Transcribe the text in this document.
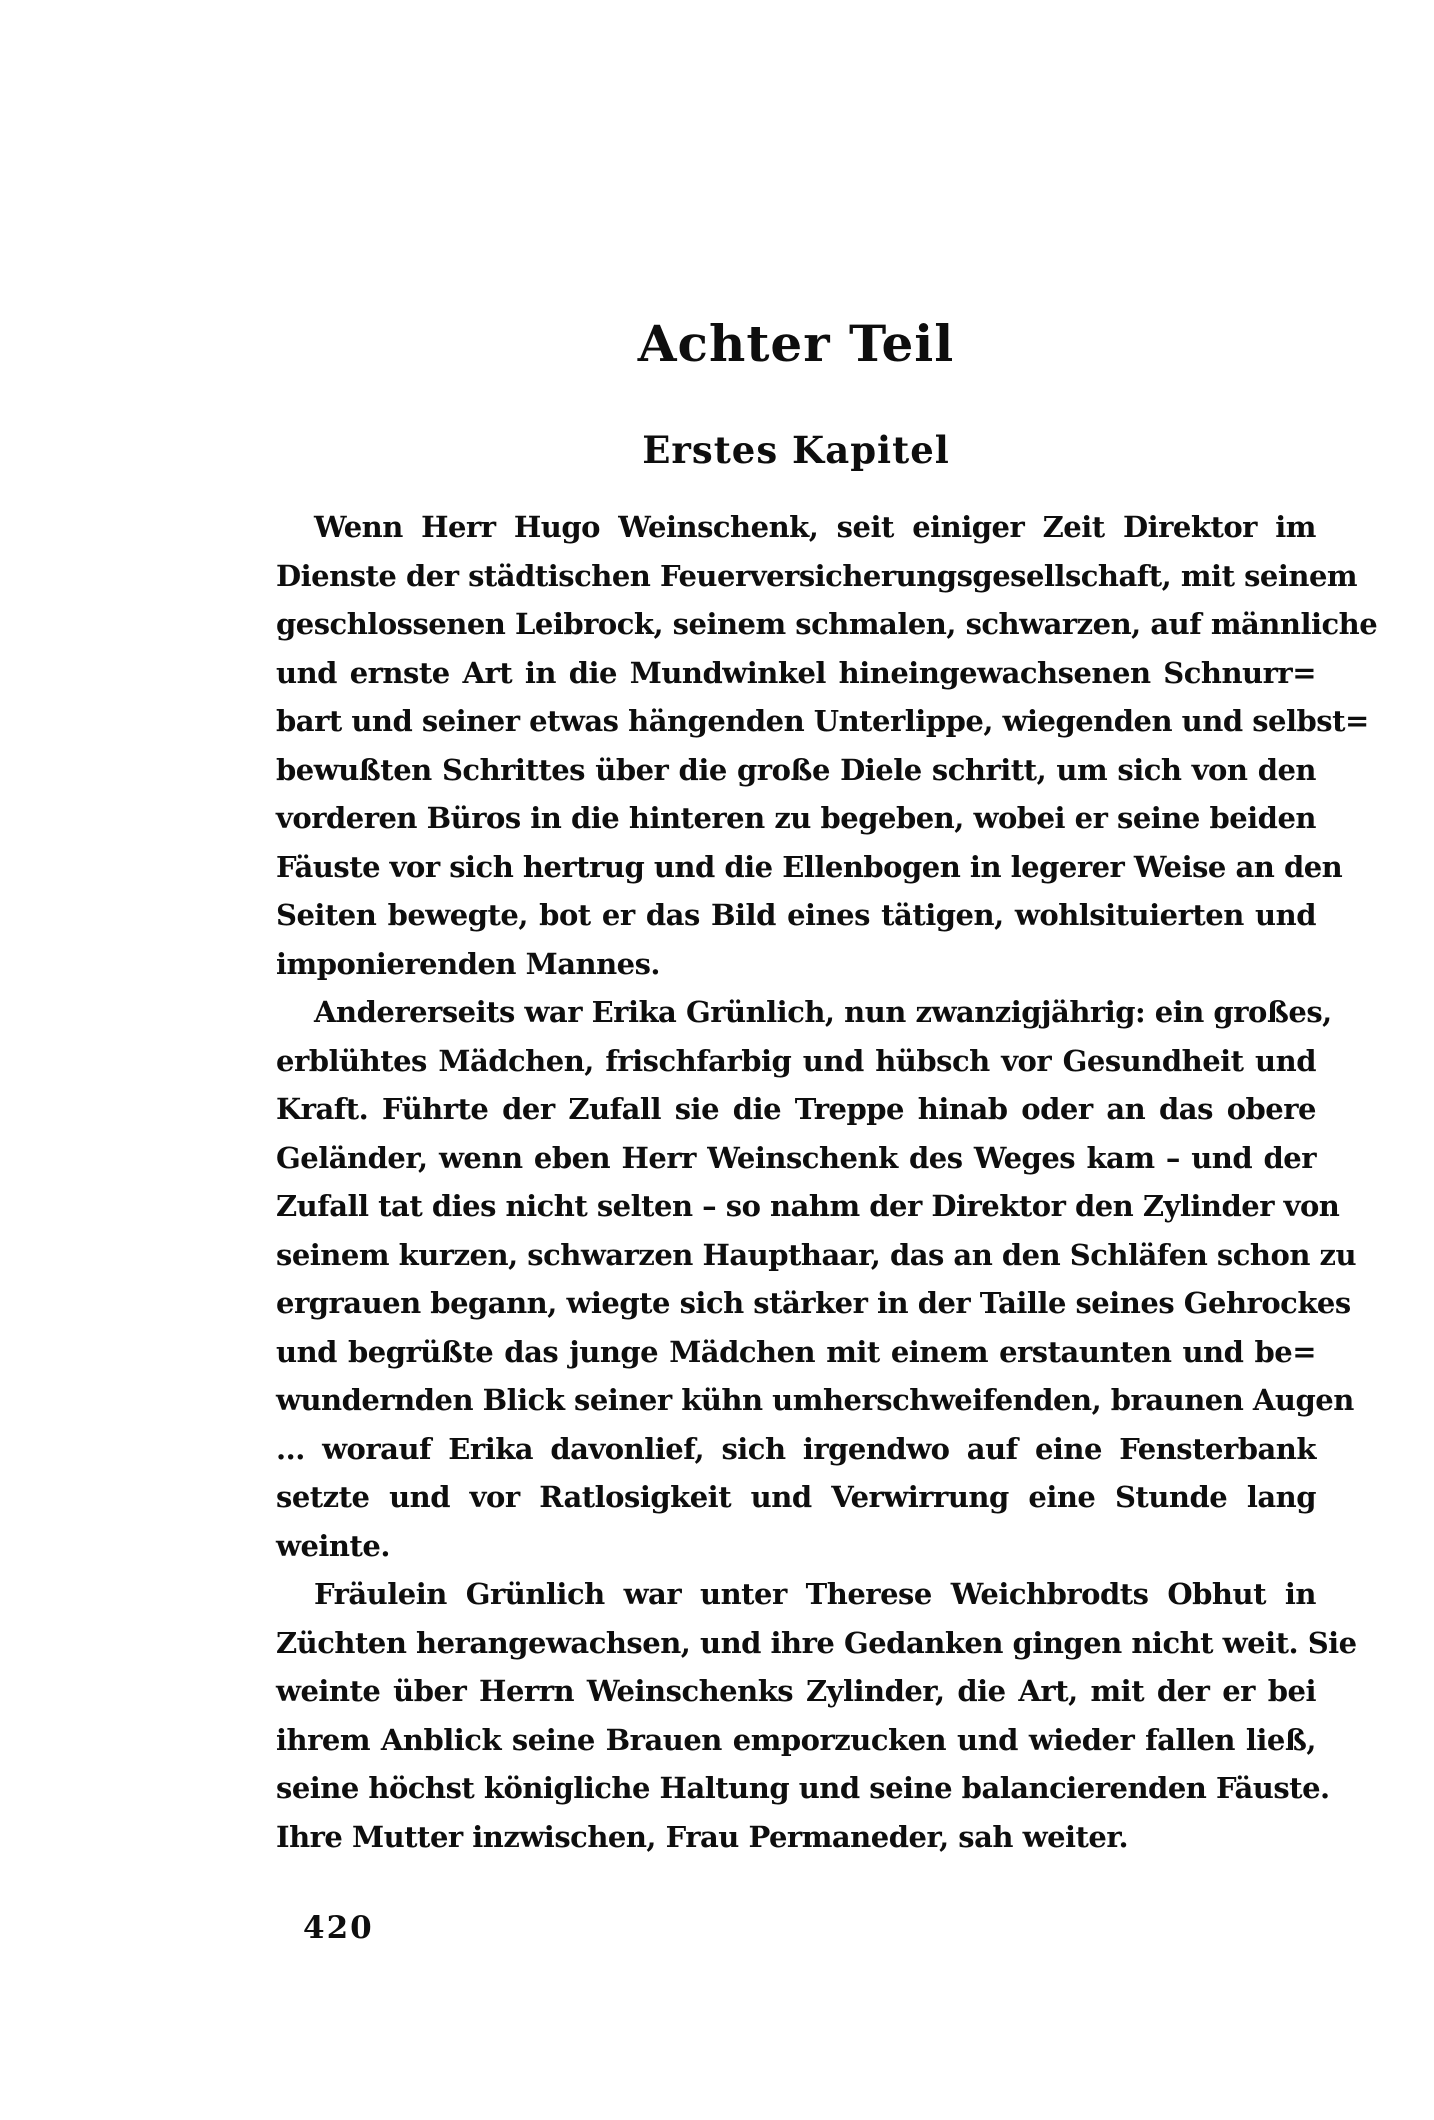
Achter Teil
Erstes Kapitel
Wenn Herr Hugo Weinschenk, seit einiger Zeit Direktor im
Dienste der städtischen Feuerversicherungsgesellschaft, mit seinem
geschlossenen Leibrock, seinem schmalen, schwarzen, auf männliche
und ernste Art in die Mundwinkel hineingewachsenen Schnurr=
bart und seiner etwas hängenden Unterlippe, wiegenden und selbst=
bewußten Schrittes über die große Diele schritt, um sich von den
vorderen Büros in die hinteren zu begeben, wobei er seine beiden
Fäuste vor sich hertrug und die Ellenbogen in legerer Weise an den
Seiten bewegte, bot er das Bild eines tätigen, wohlsituierten und
imponierenden Mannes.
Andererseits war Erika Grünlich, nun zwanzigjährig: ein großes,
erblühtes Mädchen, frischfarbig und hübsch vor Gesundheit und
Kraft. Führte der Zufall sie die Treppe hinab oder an das obere
Geländer, wenn eben Herr Weinschenk des Weges kam – und der
Zufall tat dies nicht selten – so nahm der Direktor den Zylinder von
seinem kurzen, schwarzen Haupthaar, das an den Schläfen schon zu
ergrauen begann, wiegte sich stärker in der Taille seines Gehrockes
und begrüßte das junge Mädchen mit einem erstaunten und be=
wundernden Blick seiner kühn umherschweifenden, braunen Augen
... worauf Erika davonlief, sich irgendwo auf eine Fensterbank
setzte und vor Ratlosigkeit und Verwirrung eine Stunde lang
weinte.
Fräulein Grünlich war unter Therese Weichbrodts Obhut in
Züchten herangewachsen, und ihre Gedanken gingen nicht weit. Sie
weinte über Herrn Weinschenks Zylinder, die Art, mit der er bei
ihrem Anblick seine Brauen emporzucken und wieder fallen ließ,
seine höchst königliche Haltung und seine balancierenden Fäuste.
Ihre Mutter inzwischen, Frau Permaneder, sah weiter.
420
